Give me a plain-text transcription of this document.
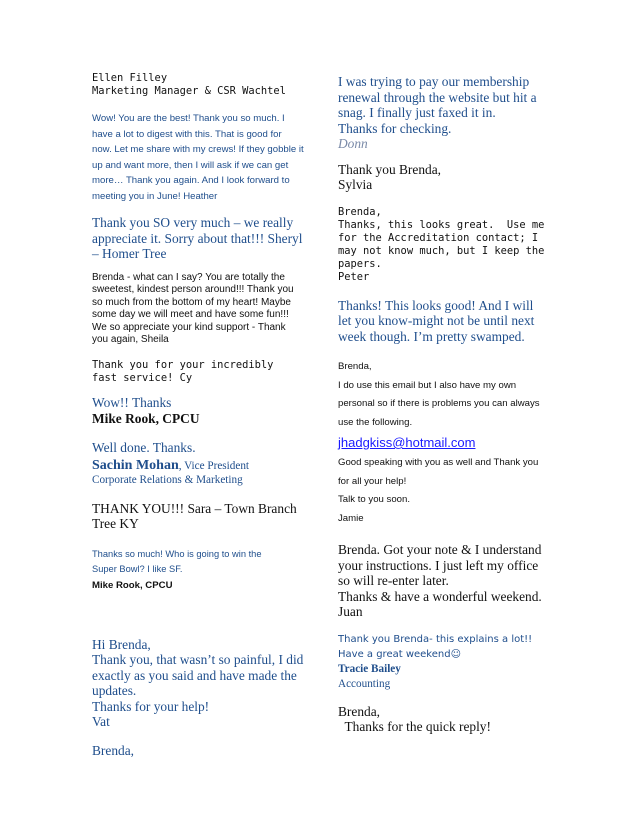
Ellen Filley
Marketing Manager & CSR Wachtel

Wow! You are the best! Thank you so much. I have a lot to digest with this. That is good for now. Let me share with my crews! If they gobble it up and want more, then I will ask if we can get more… Thank you again. And I look forward to meeting you in June! Heather

Thank you SO very much – we really appreciate it. Sorry about that!!! Sheryl – Homer Tree

Brenda - what can I say? You are totally the sweetest, kindest person around!!! Thank you so much from the bottom of my heart! Maybe some day we will meet and have some fun!!! We so appreciate your kind support - Thank you again, Sheila

Thank you for your incredibly fast service! Cy

Wow!! Thanks
Mike Rook, CPCU
Well done. Thanks.
Sachin Mohan, Vice President
Corporate Relations & Marketing

THANK YOU!!! Sara – Town Branch Tree KY

Thanks so much! Who is going to win the
Super Bowl? I like SF.
Mike Rook, CPCU
Hi Brenda,
Thank you, that wasn’t so painful, I did exactly as you said and have made the updates.
Thanks for your help!
Vat
Brenda,
I was trying to pay our membership renewal through the website but hit a snag. I finally just faxed it in.
Thanks for checking.
Donn
Thank you Brenda,
Sylvia

Brenda,
Thanks, this looks great.  Use me for the Accreditation contact; I may not know much, but I keep the papers.
Peter

Thanks! This looks good! And I will let you know-might not be until next week though. I’m pretty swamped.

Brenda,
I do use this email but I also have my own personal so if there is problems you can always use the following.
jhadgkiss@hotmail.com
Good speaking with you as well and Thank you for all your help!
Talk to you soon.
Jamie

Brenda. Got your note & I understand your instructions. I just left my office so will re-enter later.
Thanks & have a wonderful weekend.
Juan

Thank you Brenda- this explains a lot!!
Have a great weekend☺
Tracie Bailey
Accounting
Brenda,
Thanks for the quick reply!
